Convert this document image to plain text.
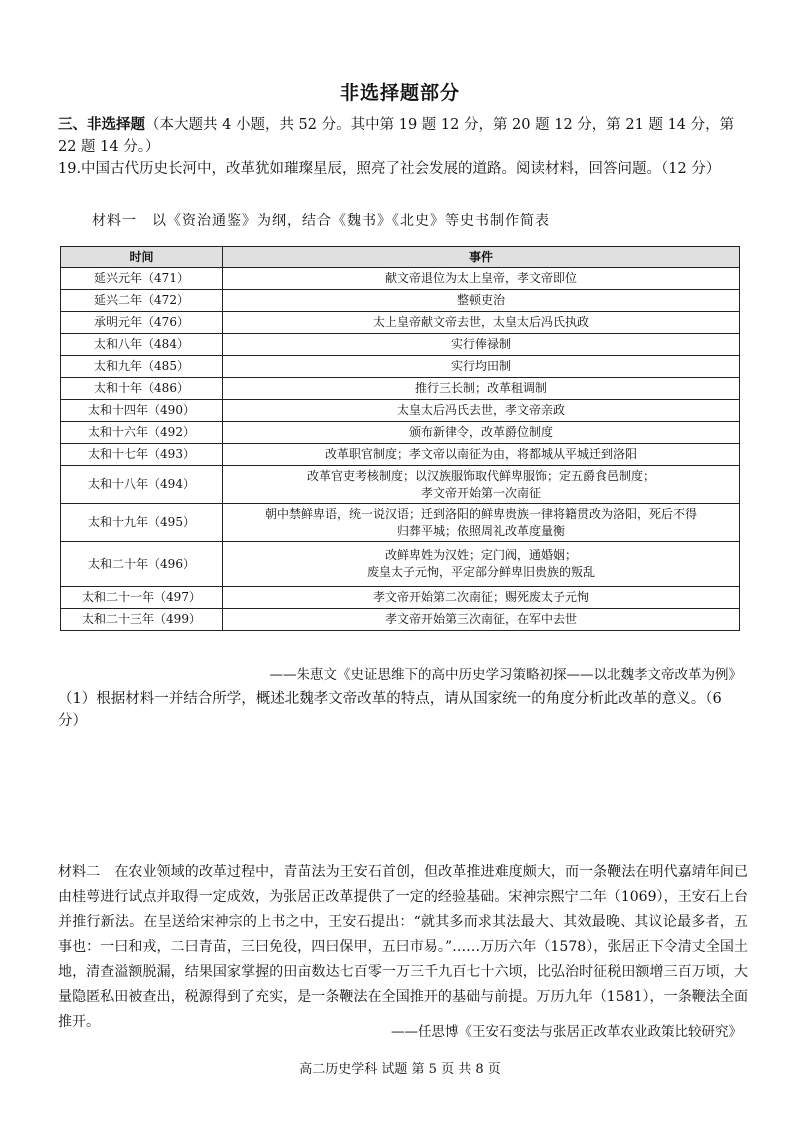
非选择题部分
三、非选择题（本大题共 4 小题，共 52 分。其中第 19 题 12 分，第 20 题 12 分，第 21 题 14 分，第 22 题 14 分。）
19.中国古代历史长河中，改革犹如璀璨星辰，照亮了社会发展的道路。阅读材料，回答问题。（12 分）
材料一　以《资治通鉴》为纲，结合《魏书》《北史》等史书制作简表
时间	事件
延兴元年（471）	献文帝退位为太上皇帝，孝文帝即位
延兴二年（472）	整顿吏治
承明元年（476）	太上皇帝献文帝去世，太皇太后冯氏执政
太和八年（484）	实行俸禄制
太和九年（485）	实行均田制
太和十年（486）	推行三长制；改革租调制
太和十四年（490）	太皇太后冯氏去世，孝文帝亲政
太和十六年（492）	颁布新律令，改革爵位制度
太和十七年（493）	改革职官制度；孝文帝以南征为由，将都城从平城迁到洛阳
太和十八年（494）	改革官吏考核制度；以汉族服饰取代鲜卑服饰；定五爵食邑制度；
孝文帝开始第一次南征
太和十九年（495）	朝中禁鲜卑语，统一说汉语；迁到洛阳的鲜卑贵族一律将籍贯改为洛阳，死后不得
归葬平城；依照周礼改革度量衡
太和二十年（496）	改鲜卑姓为汉姓；定门阀，通婚姻；
废皇太子元恂，平定部分鲜卑旧贵族的叛乱
太和二十一年（497）	孝文帝开始第二次南征；赐死废太子元恂
太和二十三年（499）	孝文帝开始第三次南征，在军中去世
——朱恵文《史证思维下的高中历史学习策略初探——以北魏孝文帝改革为例》
（1）根据材料一并结合所学，概述北魏孝文帝改革的特点，请从国家统一的角度分析此改革的意义。（6 分）
材料二　在农业领域的改革过程中，青苗法为王安石首创，但改革推进难度颇大，而一条鞭法在明代嘉靖年间已由桂萼进行试点并取得一定成效，为张居正改革提供了一定的经验基础。宋神宗熙宁二年（1069），王安石上台并推行新法。在呈送给宋神宗的上书之中，王安石提出：“就其多而求其法最大、其效最晚、其议论最多者，五事也：一曰和戎，二曰青苗，三曰免役，四曰保甲，五曰市易。”……万历六年（1578），张居正下令清丈全国土地，清查溢额脱漏，结果国家掌握的田亩数达七百零一万三千九百七十六顷，比弘治时征税田额增三百万顷，大量隐匿私田被查出，税源得到了充实，是一条鞭法在全国推开的基础与前提。万历九年（1581），一条鞭法全面推开。
——任思博《王安石变法与张居正改革农业政策比较研究》
高二历史学科 试题 第 5 页 共 8 页
